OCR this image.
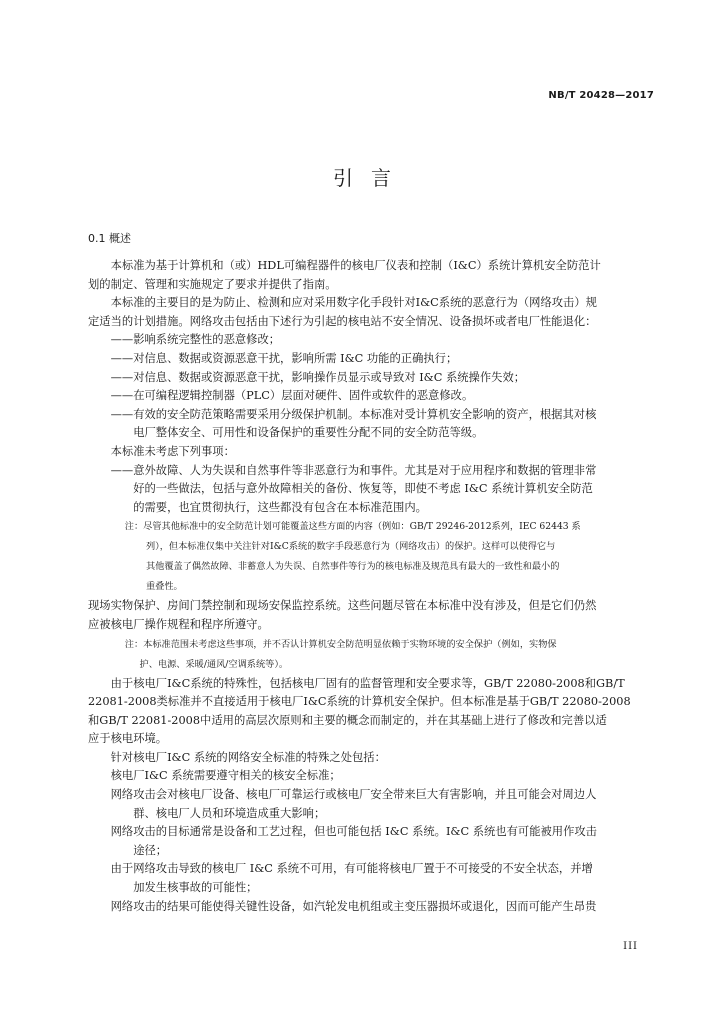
NB/T 20428—2017
引言
0.1 概述

本标准为基于计算机和（或）HDL可编程器件的核电厂仪表和控制（I&C）系统计算机安全防范计

划的制定、管理和实施规定了要求并提供了指南。

本标准的主要目的是为防止、检测和应对采用数字化手段针对I&C系统的恶意行为（网络攻击）规

定适当的计划措施。网络攻击包括由下述行为引起的核电站不安全情况、设备损坏或者电厂性能退化：

——影响系统完整性的恶意修改；

——对信息、数据或资源恶意干扰，影响所需 I&C 功能的正确执行；

——对信息、数据或资源恶意干扰，影响操作员显示或导致对 I&C 系统操作失效；

——在可编程逻辑控制器（PLC）层面对硬件、固件或软件的恶意修改。

——有效的安全防范策略需要采用分级保护机制。本标准对受计算机安全影响的资产，根据其对核

电厂整体安全、可用性和设备保护的重要性分配不同的安全防范等级。

本标准未考虑下列事项：

——意外故障、人为失误和自然事件等非恶意行为和事件。尤其是对于应用程序和数据的管理非常

好的一些做法，包括与意外故障相关的备份、恢复等，即使不考虑 I&C 系统计算机安全防范

的需要，也宜贯彻执行，这些都没有包含在本标准范围内。

注：尽管其他标准中的安全防范计划可能覆盖这些方面的内容（例如：GB/T 29246-2012系列，IEC 62443 系

列），但本标准仅集中关注针对I&C系统的数字手段恶意行为（网络攻击）的保护。这样可以使得它与

其他覆盖了偶然故障、非蓄意人为失误、自然事件等行为的核电标准及规范具有最大的一致性和最小的

重叠性。

现场实物保护、房间门禁控制和现场安保监控系统。这些问题尽管在本标准中没有涉及，但是它们仍然

应被核电厂操作规程和程序所遵守。

注：本标准范围未考虑这些事项，并不否认计算机安全防范明显依赖于实物环境的安全保护（例如，实物保

护、电源、采暖/通风/空调系统等）。

由于核电厂I&C系统的特殊性，包括核电厂固有的监督管理和安全要求等，GB/T 22080-2008和GB/T

22081-2008类标准并不直接适用于核电厂I&C系统的计算机安全保护。但本标准是基于GB/T 22080-2008

和GB/T 22081-2008中适用的高层次原则和主要的概念而制定的，并在其基础上进行了修改和完善以适

应于核电环境。

针对核电厂I&C 系统的网络安全标准的特殊之处包括：

核电厂I&C 系统需要遵守相关的核安全标准；

网络攻击会对核电厂设备、核电厂可靠运行或核电厂安全带来巨大有害影响，并且可能会对周边人

群、核电厂人员和环境造成重大影响；

网络攻击的目标通常是设备和工艺过程，但也可能包括 I&C 系统。I&C 系统也有可能被用作攻击

途径；

由于网络攻击导致的核电厂 I&C 系统不可用，有可能将核电厂置于不可接受的不安全状态，并增

加发生核事故的可能性；

网络攻击的结果可能使得关键性设备，如汽轮发电机组或主变压器损坏或退化，因而可能产生昂贵

III
